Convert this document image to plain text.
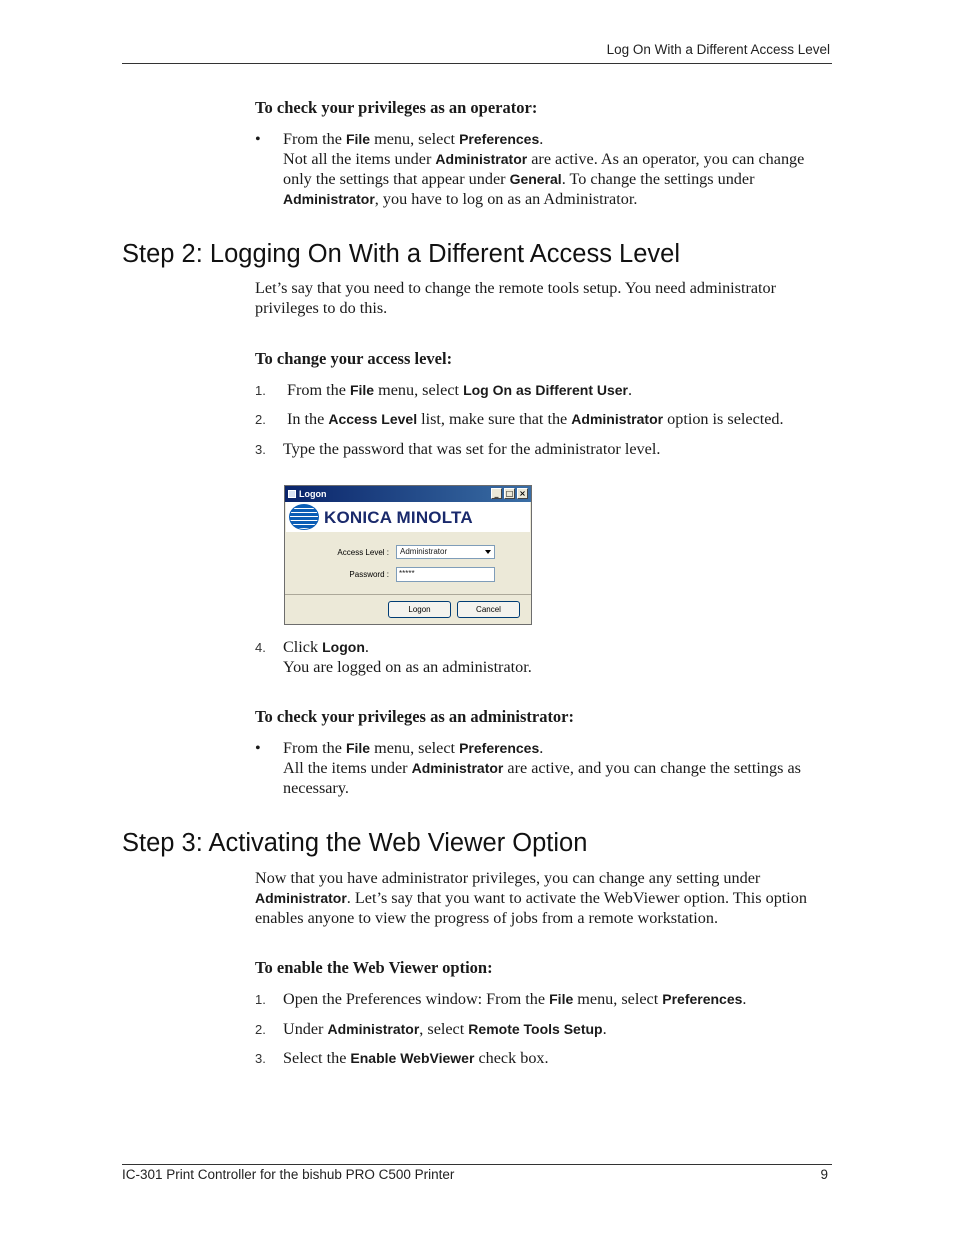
Log On With a Different Access Level
To check your privileges as an operator:
•	From the File menu, select Preferences.
Not all the items under Administrator are active. As an operator, you can change only the settings that appear under General. To change the settings under Administrator, you have to log on as an Administrator.
Step 2: Logging On With a Different Access Level
Let’s say that you need to change the remote tools setup. You need administrator privileges to do this.
To change your access level:
1. From the File menu, select Log On as Different User.
2. In the Access Level list, make sure that the Administrator option is selected.
3. Type the password that was set for the administrator level.
Logon	_ □ ×
KONICA MINOLTA
Access Level :	Administrator
Password :	*****
Logon	Cancel
4. Click Logon.
You are logged on as an administrator.
To check your privileges as an administrator:
•	From the File menu, select Preferences.
All the items under Administrator are active, and you can change the settings as necessary.
Step 3: Activating the Web Viewer Option
Now that you have administrator privileges, you can change any setting under Administrator. Let’s say that you want to activate the WebViewer option. This option enables anyone to view the progress of jobs from a remote workstation.
To enable the Web Viewer option:
1. Open the Preferences window: From the File menu, select Preferences.
2. Under Administrator, select Remote Tools Setup.
3. Select the Enable WebViewer check box.
IC-301 Print Controller for the bishub PRO C500 Printer	9
